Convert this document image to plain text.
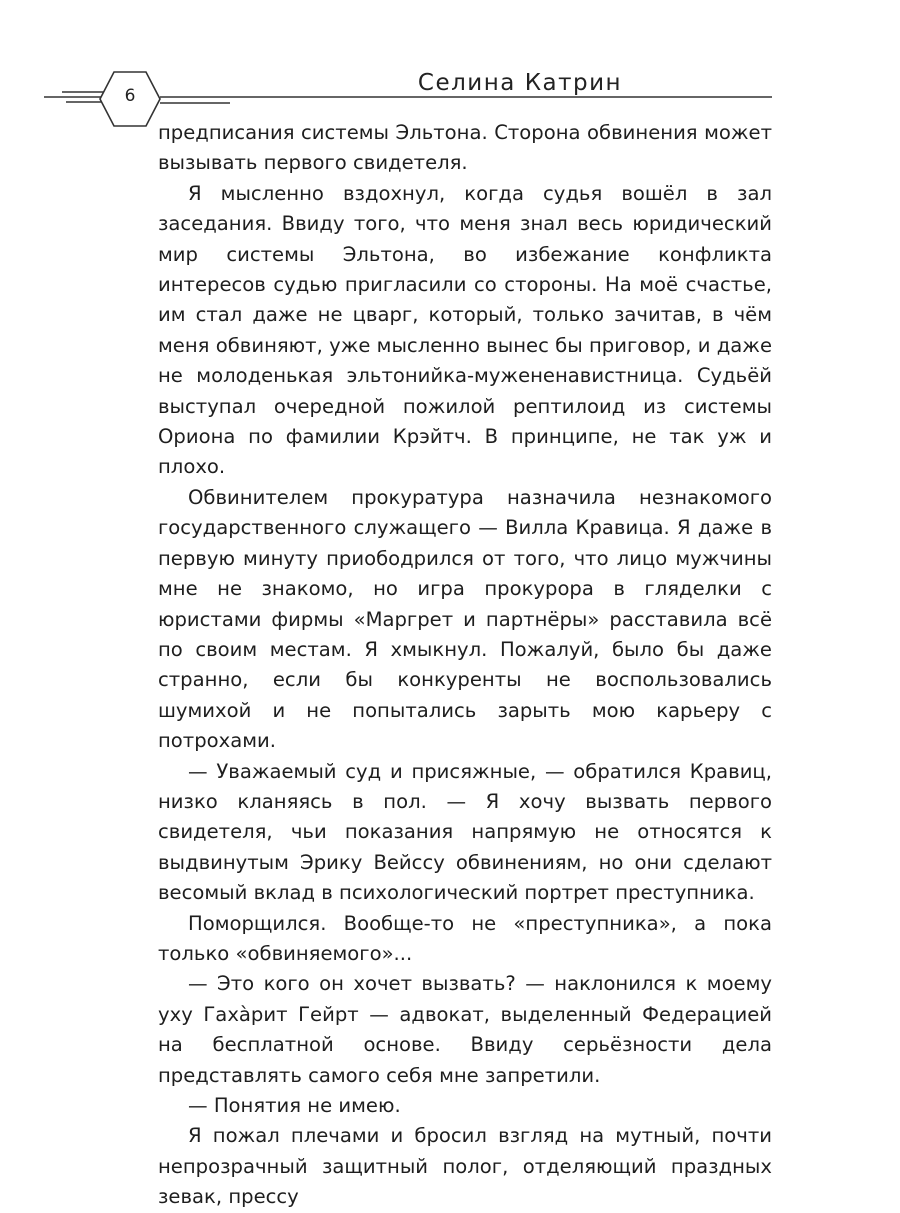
6	Селина Катрин

предписания системы Эльтона. Сторона обвинения может вызывать первого свидетеля.

Я мысленно вздохнул, когда судья вошёл в зал заседания. Ввиду того, что меня знал весь юридический мир системы Эльтона, во избежание конфликта интересов судью пригласили со стороны. На моё счастье, им стал даже не цварг, который, только зачитав, в чём меня обвиняют, уже мысленно вынес бы приговор, и даже не молоденькая эльтонийка-мужененавистница. Судьёй выступал очередной пожилой рептилоид из системы Ориона по фамилии Крэйтч. В принципе, не так уж и плохо.

Обвинителем прокуратура назначила незнакомого государственного служащего — Вилла Кравица. Я даже в первую минуту приободрился от того, что лицо мужчины мне не знакомо, но игра прокурора в гляделки с юристами фирмы «Маргрет и партнёры» расставила всё по своим местам. Я хмыкнул. Пожалуй, было бы даже странно, если бы конкуренты не воспользовались шумихой и не попытались зарыть мою карьеру с потрохами.

— Уважаемый суд и присяжные, — обратился Кравиц, низко кланяясь в пол. — Я хочу вызвать первого свидетеля, чьи показания напрямую не относятся к выдвинутым Эрику Вейссу обвинениям, но они сделают весомый вклад в психологический портрет преступника.

Поморщился. Вообще-то не «преступника», а пока только «обвиняемого»...

— Это кого он хочет вызвать? — наклонился к моему уху Гахàрит Гейрт — адвокат, выделенный Федерацией на бесплатной основе. Ввиду серьёзности дела представлять самого себя мне запретили.

— Понятия не имею.

Я пожал плечами и бросил взгляд на мутный, почти непрозрачный защитный полог, отделяющий праздных зевак, прессу
